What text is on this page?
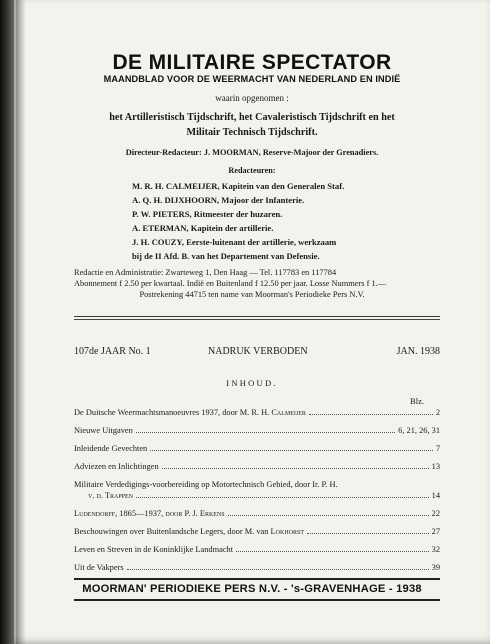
DE MILITAIRE SPECTATOR
MAANDBLAD VOOR DE WEERMACHT VAN NEDERLAND EN INDIË
waarin opgenomen :
het Artilleristisch Tijdschrift, het Cavaleristisch Tijdschrift en het
Militair Technisch Tijdschrift.
Directeur-Redacteur: J. MOORMAN, Reserve-Majoor der Grenadiers.
Redacteuren:
M. R. H. CALMEIJER, Kapitein van den Generalen Staf.
A. Q. H. DIJXHOORN, Majoor der Infanterie.
P. W. PIETERS, Ritmeester der huzaren.
A. ETERMAN, Kapitein der artillerie.
J. H. COUZY, Eerste-luitenant der artillerie, werkzaam
bij de II Afd. B. van het Departement van Defensie.
Redactie en Administratie: Zwarteweg 1, Den Haag — Tel. 117783 en 117784
Abonnement f 2.50 per kwartaal. Indië en Buitenland f 12.50 per jaar. Losse Nummers f 1.—
Postrekening 44715 ten name van Moorman's Periodieke Pers N.V.
107de JAAR No. 1	NADRUK VERBODEN	JAN. 1938
INHOUD.
Blz.
De Duitsche Weermachtsmanoeuvres 1937, door M. R. H. Calmeijer	2
Nieuwe Uitgaven	6, 21, 26, 31
Inleidende Gevechten	7
Adviezen en Inlichtingen	13
Militaire Verdedigings-voorbereiding op Motortechnisch Gebied, door Ir. P. H.
v. d. Trappen	14
Ludendorff, 1865—1937, door P. J. Erkens	22
Beschouwingen over Buitenlandsche Legers, door M. van Lokhorst	27
Leven en Streven in de Koninklijke Landmacht	32
Uit de Vakpers	39
MOORMAN' PERIODIEKE PERS N.V. - 's-GRAVENHAGE - 1938
